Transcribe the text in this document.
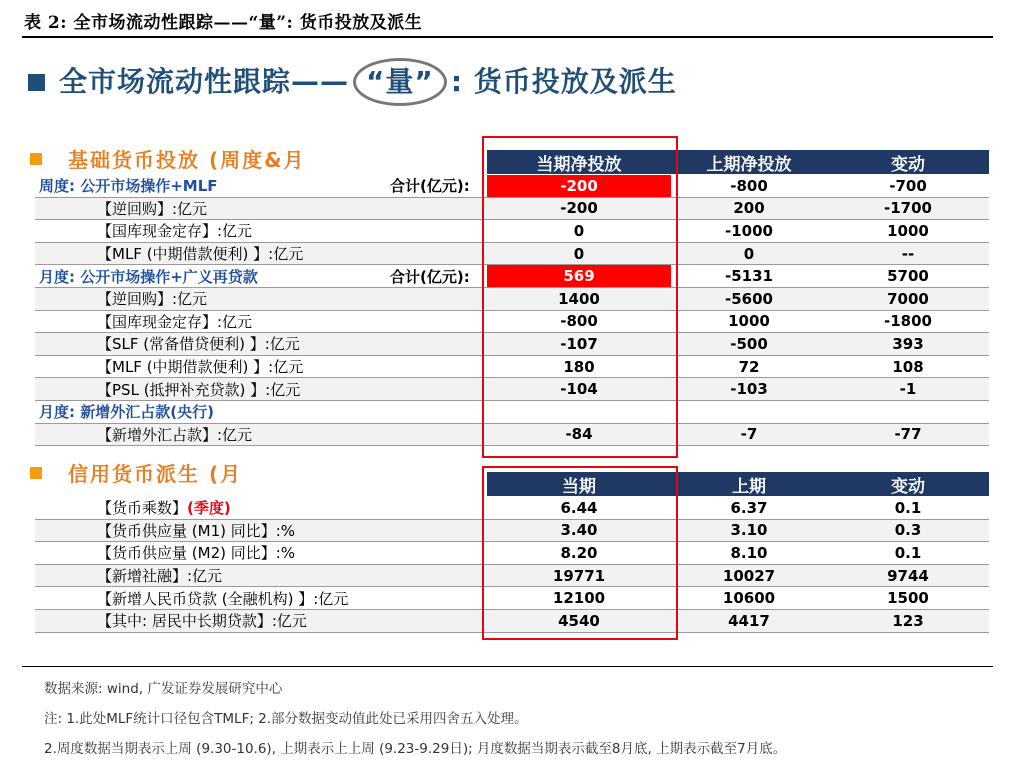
表 2: 全市场流动性跟踪——“量”: 货币投放及派生
全市场流动性跟踪—— “量” : 货币投放及派生
基础货币投放 (周度&月	当期净投放	上期净投放	变动
周度: 公开市场操作+MLF	合计(亿元):	-200	-800	-700
【逆回购】:亿元	-200	200	-1700
【国库现金定存】:亿元	0	-1000	1000
【MLF (中期借款便利) 】:亿元	0	0	--
月度: 公开市场操作+广义再贷款	合计(亿元):	569	-5131	5700
【逆回购】:亿元	1400	-5600	7000
【国库现金定存】:亿元	-800	1000	-1800
【SLF (常备借贷便利) 】:亿元	-107	-500	393
【MLF (中期借款便利) 】:亿元	180	72	108
【PSL (抵押补充贷款) 】:亿元	-104	-103	-1
月度: 新增外汇占款(央行)
【新增外汇占款】:亿元	-84	-7	-77
信用货币派生 (月
当期	上期	变动
【货币乘数】 (季度)	6.44	6.37	0.1
【货币供应量 (M1) 同比】:%	3.40	3.10	0.3
【货币供应量 (M2) 同比】:%	8.20	8.10	0.1
【新增社融】:亿元	19771	10027	9744
【新增人民币贷款 (全融机构) 】:亿元	12100	10600	1500
【其中: 居民中长期贷款】:亿元	4540	4417	123
数据来源: wind, 广发证券发展研究中心
注: 1.此处MLF统计口径包含TMLF; 2.部分数据变动值此处已采用四舍五入处理。
2.周度数据当期表示上周 (9.30-10.6), 上期表示上上周 (9.23-9.29日); 月度数据当期表示截至8月底, 上期表示截至7月底。
